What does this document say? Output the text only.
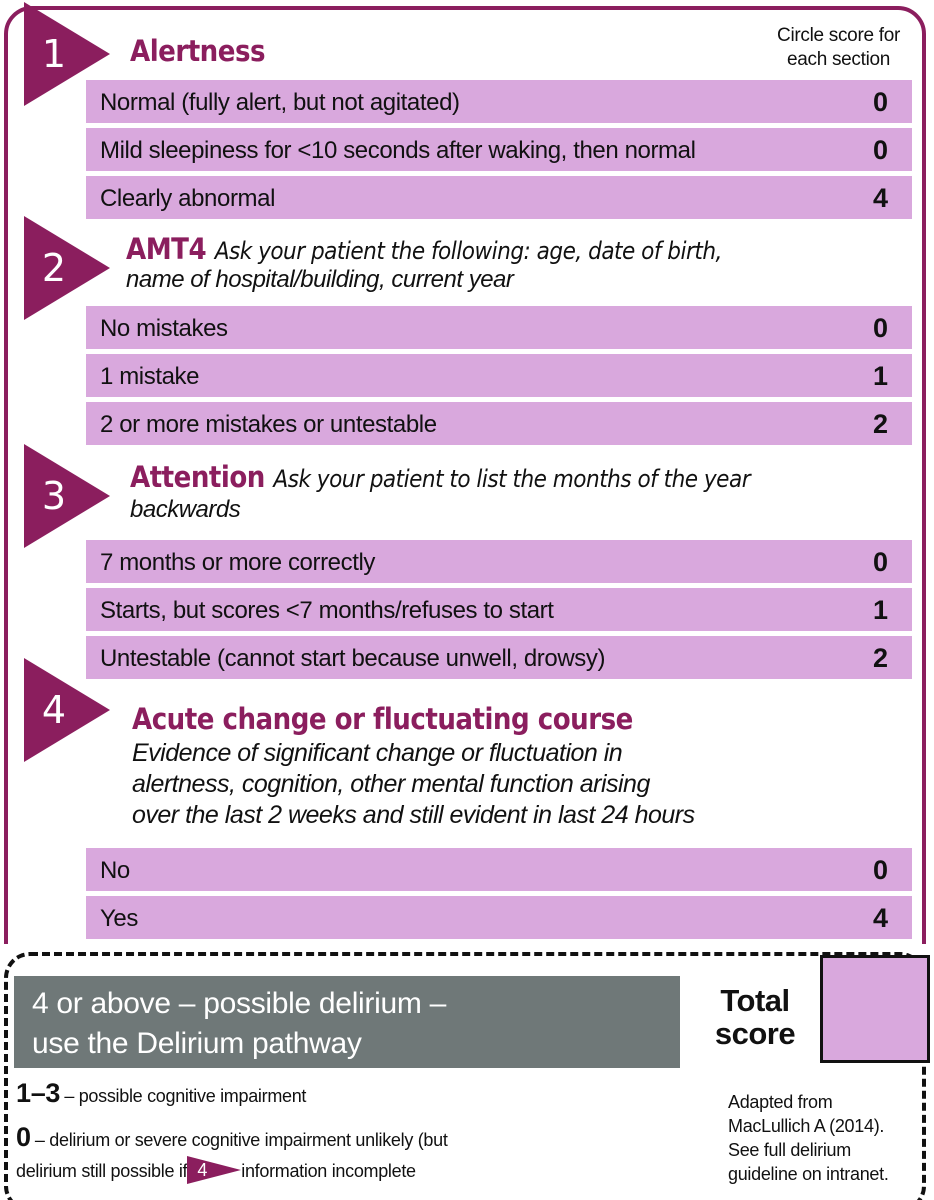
Circle score for
each section
1	Alertness
Normal (fully alert, but not agitated)	0
Mild sleepiness for <10 seconds after waking, then normal	0
Clearly abnormal	4
2	AMT4 Ask your patient the following: age, date of birth,
name of hospital/building, current year
No mistakes	0
1 mistake	1
2 or more mistakes or untestable	2
3	Attention Ask your patient to list the months of the year
backwards
7 months or more correctly	0
Starts, but scores <7 months/refuses to start	1
Untestable (cannot start because unwell, drowsy)	2
4	Acute change or fluctuating course
Evidence of significant change or fluctuation in
alertness, cognition, other mental function arising
over the last 2 weeks and still evident in last 24 hours
No	0
Yes	4
4 or above – possible delirium –
use the Delirium pathway
Total
score
1–3 – possible cognitive impairment
0 – delirium or severe cognitive impairment unlikely (but
delirium still possible if 4	information incomplete
Adapted from
MacLullich A (2014).
See full delirium
guideline on intranet.
